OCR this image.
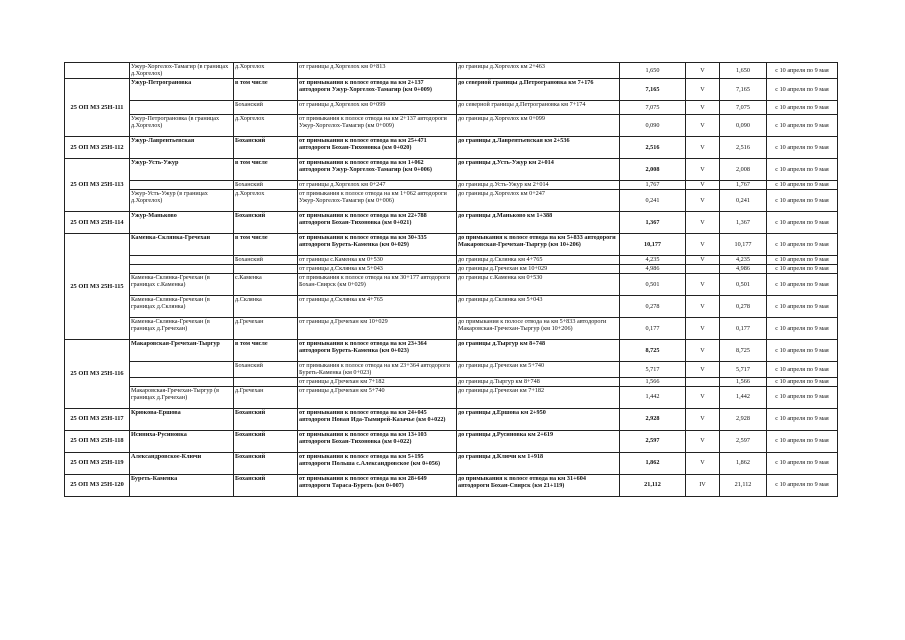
	Ужур-Хоргелох-Тамагир (в границах д.Хоргелох)	д.Хоргелох	от границы д.Хоргелох км 0+813	до границы д.Хоргелох км 2+463	1,650	V	1,650	с 10 апреля по 9 мая
25 ОП МЗ 25Н-111	Ужур-Петрограновка	в том числе	от примыкания к полосе отвода на км 2+137 автодороги Ужур-Хоргелох-Тамагир (км 0+009)	до северной границы д.Петрограновка км 7+176	7,165	V	7,165	с 10 апреля по 9 мая
		Боханский	от границы д.Хоргелох км 0+099	до северной границы д.Петрограновка км 7+174	7,075	V	7,075	с 10 апреля по 9 мая
	Ужур-Петрограновка (в границах д.Хоргелох)	д.Хоргелох	от примыкания к полосе отвода на км 2+137 автодороги Ужур-Хоргелох-Тамагир (км 0+009)	до границы д.Хоргелох км 0+099	0,090	V	0,090	с 10 апреля по 9 мая
25 ОП МЗ 25Н-112	Ужур-Лаврентьевская	Боханский	от примыкания к полосе отвода на км 25+471 автодороги Бохан-Тихоновка (км 0+020)	до границы д.Лаврентьевская км 2+536	2,516	V	2,516	с 10 апреля по 9 мая
25 ОП МЗ 25Н-113	Ужур-Усть-Ужур	в том числе	от примыкания к полосе отвода на км 1+062 автодороги Ужур-Хоргелох-Тамагир (км 0+006)	до границы д.Усть-Ужур км 2+014	2,008	V	2,008	с 10 апреля по 9 мая
		Боханский	от границы д.Хоргелох км 0+247	до границы д.Усть-Ужур км 2+014	1,767	V	1,767	с 10 апреля по 9 мая
	Ужур-Усть-Ужур (в границах д.Хоргелох)	д.Хоргелох	от примыкания к полосе отвода на км 1+062 автодороги Ужур-Хоргелох-Тамагир (км 0+006)	до границы д.Хоргелох км 0+247	0,241	V	0,241	с 10 апреля по 9 мая
25 ОП МЗ 25Н-114	Ужур-Маньково	Боханский	от примыкания к полосе отвода на км 22+788 автодороги Бохан-Тихоновка (км 0+021)	до границы д.Маньково км 1+388	1,367	V	1,367	с 10 апреля по 9 мая
25 ОП МЗ 25Н-115	Каменка-Склянка-Гречехан	в том числе	от примыкания к полосе отвода на км 30+335 автодороги Буреть-Каменка (км 0+029)	до примыкания к полосе отвода на км 5+833 автодороги Макаровская-Гречехан-Тыргур (км 10+206)	10,177	V	10,177	с 10 апреля по 9 мая
		Боханский	от границы с.Каменка км 0+530	до границы д.Склянка км 4+765	4,235	V	4,235	с 10 апреля по 9 мая
			от границы д.Склянка км 5+043	до границы д.Гречехан км 10+029	4,986		4,986	с 10 апреля по 9 мая
	Каменка-Склянка-Гречехан (в границах с.Каменка)	с.Каменка	от примыкания к полосе отвода на км 30+177 автодороги Бохан-Свирск (км 0+029)	до границы с.Каменка км 0+530	0,501	V	0,501	с 10 апреля по 9 мая
	Каменка-Склянка-Гречехан (в границах д.Склянка)	д.Склянка	от границы д.Склянка км 4+765	до границы д.Склянка км 5+043	0,278	V	0,278	с 10 апреля по 9 мая
	Каменка-Склянка-Гречехан (в границах д.Гречехан)	д.Гречехан	от границы д.Гречехан км 10+029	до примыкания к полосе отвода на км 5+833 автодороги Макаровская-Гречехан-Тыргур (км 10+206)	0,177	V	0,177	с 10 апреля по 9 мая
25 ОП МЗ 25Н-116	Макаровская-Гречехан-Тыргур	в том числе	от примыкания к полосе отвода на км 23+364 автодороги Буреть-Каменка (км 0+023)	до границы д.Тыргур км 8+748	8,725	V	8,725	с 10 апреля по 9 мая
		Боханский	от примыкания к полосе отвода на км 23+364 автодороги Буреть-Каменка (км 0+023)	до границы д.Гречехан км 5+740	5,717	V	5,717	с 10 апреля по 9 мая
			от границы д.Гречехан км 7+182	до границы д.Тыргур км 8+748	1,566		1,566	с 10 апреля по 9 мая
	Макаровская-Гречехан-Тыргур (в границах д.Гречехан)	д.Гречехан	от границы д.Гречехан км 5+740	до границы д.Гречехан км 7+182	1,442	V	1,442	с 10 апреля по 9 мая
25 ОП МЗ 25Н-117	Крюкова-Ершова	Боханский	от примыкания к полосе отвода на км 24+045 автодороги Новая Ида-Тымирей-Казачье (км 0+022)	до границы д.Ершова км 2+950	2,928	V	2,928	с 10 апреля по 9 мая
25 ОП МЗ 25Н-118	Исиниха-Русиновка	Боханский	от примыкания к полосе отвода на км 13+103 автодороги Бохан-Тихоновка (км 0+022)	до границы д.Русиновка км 2+619	2,597	V	2,597	с 10 апреля по 9 мая
25 ОП МЗ 25Н-119	Александровское-Ключи	Боханский	от примыкания к полосе отвода на км 5+195 автодороги Польша с.Александровское (км 0+056)	до границы д.Ключи км 1+918	1,862	V	1,862	с 10 апреля по 9 мая
25 ОП МЗ 25Н-120	Буреть-Каменка	Боханский	от примыкания к полосе отвода на км 28+649 автодороги Тараса-Буреть (км 0+007)	до примыкания к полосе отвода на км 31+604 автодороги Бохан-Свирск (км 21+119)	21,112	IV	21,112	с 10 апреля по 9 мая
